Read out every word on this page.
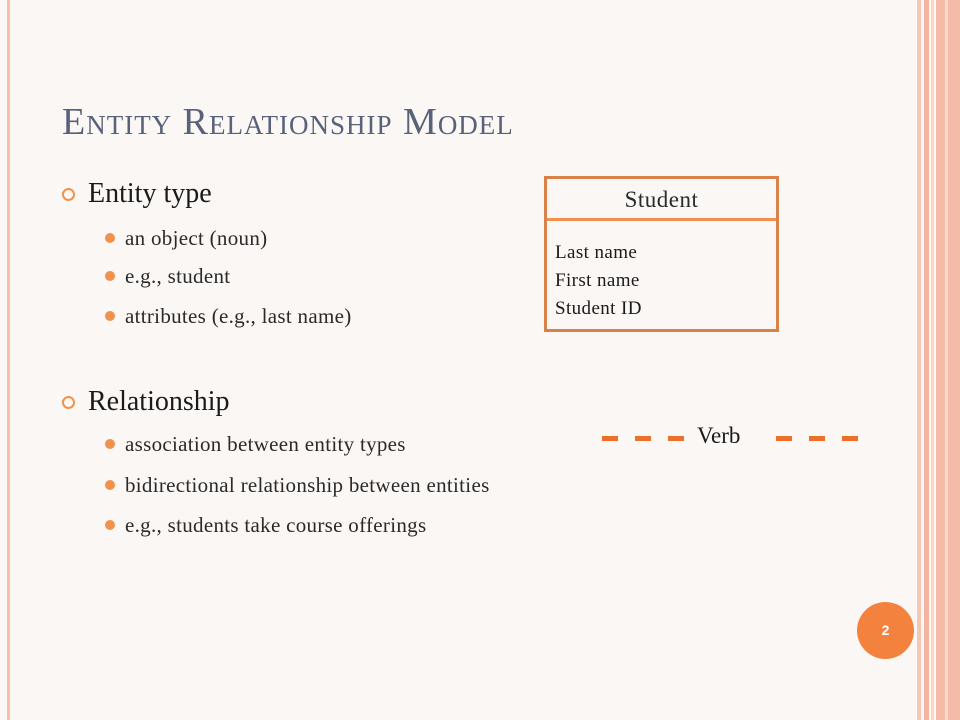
Entity Relationship Model
Entity type
an object (noun)
e.g., student
attributes (e.g., last name)
Relationship
association between entity types
bidirectional relationship between entities
e.g., students take course offerings
Student
Last name
First name
Student ID
Verb
2
